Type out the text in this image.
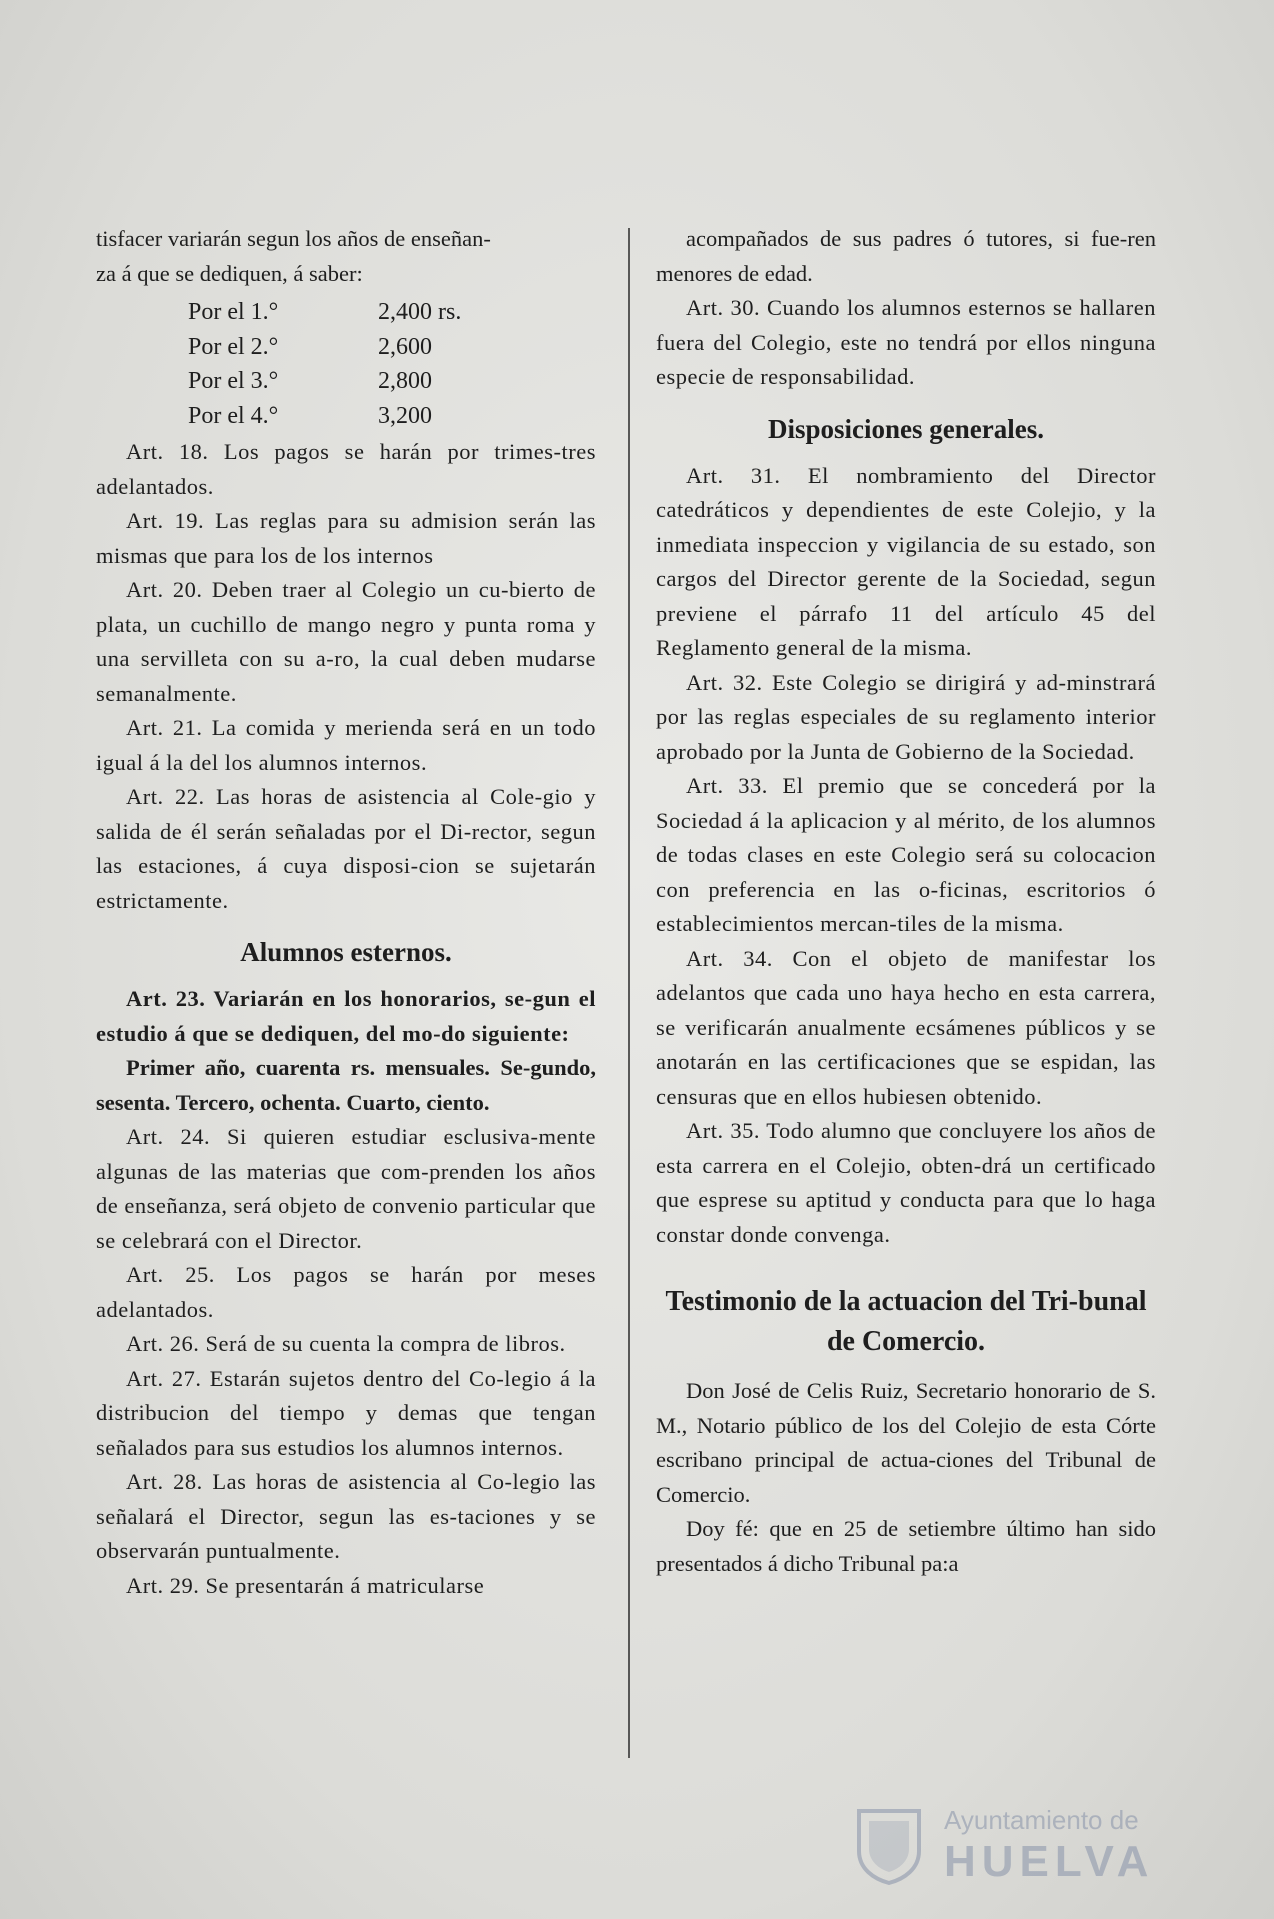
tisfacer variarán segun los años de enseñan-

za á que se dediquen, á saber:

Por el 1.°	2,400 rs.
Por el 2.°	2,600
Por el 3.°	2,800
Por el 4.°	3,200

Art. 18. Los pagos se harán por trimes-tres adelantados.

Art. 19. Las reglas para su admision serán las mismas que para los de los internos

Art. 20. Deben traer al Colegio un cu-bierto de plata, un cuchillo de mango negro y punta roma y una servilleta con su a-ro, la cual deben mudarse semanalmente.

Art. 21. La comida y merienda será en un todo igual á la del los alumnos internos.

Art. 22. Las horas de asistencia al Cole-gio y salida de él serán señaladas por el Di-rector, segun las estaciones, á cuya disposi-cion se sujetarán estrictamente.

Alumnos esternos.

Art. 23. Variarán en los honorarios, se-gun el estudio á que se dediquen, del mo-do siguiente:

Primer año, cuarenta rs. mensuales. Se-gundo, sesenta. Tercero, ochenta. Cuarto, ciento.

Art. 24. Si quieren estudiar esclusiva-mente algunas de las materias que com-prenden los años de enseñanza, será objeto de convenio particular que se celebrará con el Director.

Art. 25. Los pagos se harán por meses adelantados.

Art. 26. Será de su cuenta la compra de libros.

Art. 27. Estarán sujetos dentro del Co-legio á la distribucion del tiempo y demas que tengan señalados para sus estudios los alumnos internos.

Art. 28. Las horas de asistencia al Co-legio las señalará el Director, segun las es-taciones y se observarán puntualmente.

Art. 29. Se presentarán á matricularse

acompañados de sus padres ó tutores, si fue-ren menores de edad.

Art. 30. Cuando los alumnos esternos se hallaren fuera del Colegio, este no tendrá por ellos ninguna especie de responsabilidad.

Disposiciones generales.

Art. 31. El nombramiento del Director catedráticos y dependientes de este Colejio, y la inmediata inspeccion y vigilancia de su estado, son cargos del Director gerente de la Sociedad, segun previene el párrafo 11 del artículo 45 del Reglamento general de la misma.

Art. 32. Este Colegio se dirigirá y ad-minstrará por las reglas especiales de su reglamento interior aprobado por la Junta de Gobierno de la Sociedad.

Art. 33. El premio que se concederá por la Sociedad á la aplicacion y al mérito, de los alumnos de todas clases en este Colegio será su colocacion con preferencia en las o-ficinas, escritorios ó establecimientos mercan-tiles de la misma.

Art. 34. Con el objeto de manifestar los adelantos que cada uno haya hecho en esta carrera, se verificarán anualmente ecsámenes públicos y se anotarán en las certificaciones que se espidan, las censuras que en ellos hubiesen obtenido.

Art. 35. Todo alumno que concluyere los años de esta carrera en el Colejio, obten-drá un certificado que esprese su aptitud y conducta para que lo haga constar donde convenga.

Testimonio de la actuacion del Tri-bunal de Comercio.

Don José de Celis Ruiz, Secretario honorario de S. M., Notario público de los del Colejio de esta Córte escribano principal de actua-ciones del Tribunal de Comercio.

Doy fé: que en 25 de setiembre último han sido presentados á dicho Tribunal pa:a

Ayuntamiento de
HUELVA
